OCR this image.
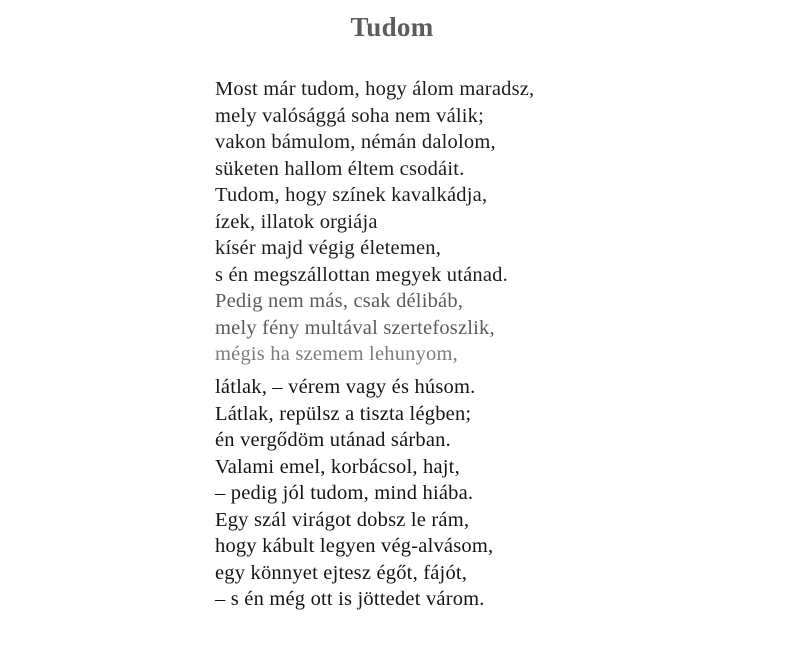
Tudom
Most már tudom, hogy álom maradsz,
mely valósággá soha nem válik;
vakon bámulom, némán dalolom,
süketen hallom éltem csodáit.
Tudom, hogy színek kavalkádja,
ízek, illatok orgiája
kísér majd végig életemen,
s én megszállottan megyek utánad.
Pedig nem más, csak délibáb,
mely fény multával szertefoszlik,
mégis ha szemem lehunyom,
látlak, – vérem vagy és húsom.
Látlak, repülsz a tiszta légben;
én vergődöm utánad sárban.
Valami emel, korbácsol, hajt,
– pedig jól tudom, mind hiába.
Egy szál virágot dobsz le rám,
hogy kábult legyen vég-alvásom,
egy könnyet ejtesz égőt, fájót,
– s én még ott is jöttedet várom.
